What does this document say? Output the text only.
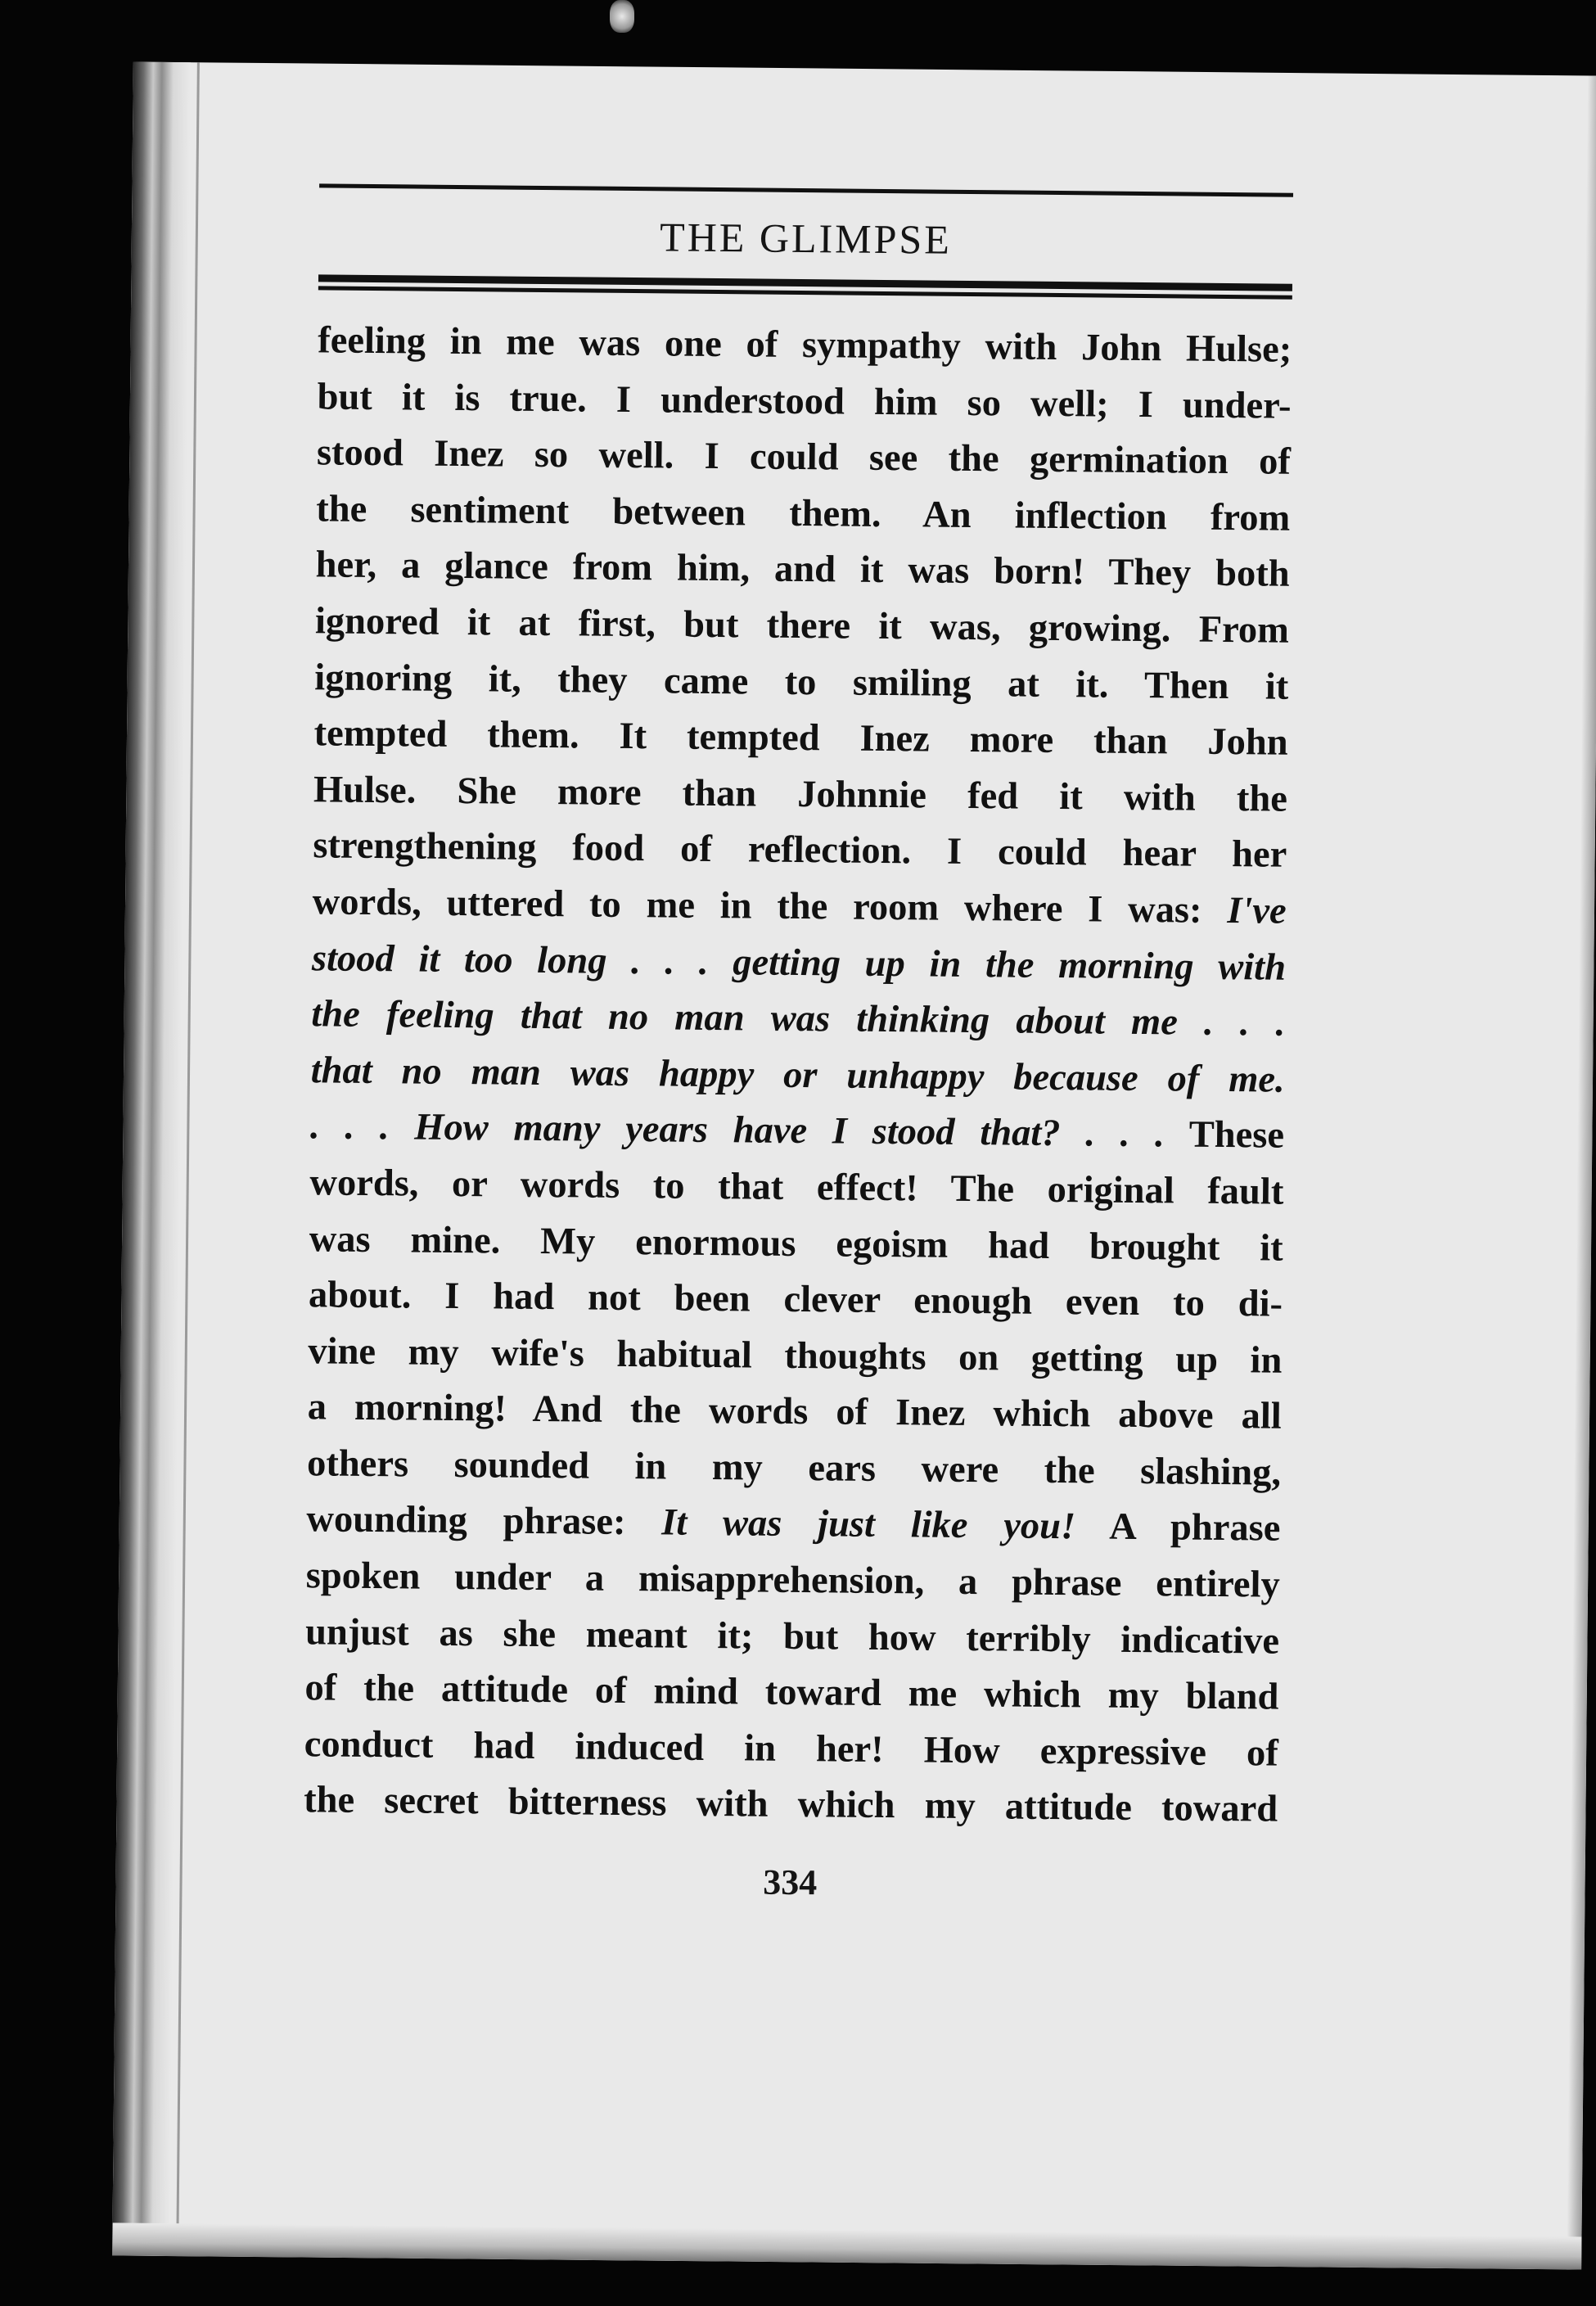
THE GLIMPSE
feeling in me was one of sympathy with John Hulse;
but it is true. I understood him so well; I under-
stood Inez so well. I could see the germination of
the sentiment between them. An inflection from
her, a glance from him, and it was born! They both
ignored it at first, but there it was, growing. From
ignoring it, they came to smiling at it. Then it
tempted them. It tempted Inez more than John
Hulse. She more than Johnnie fed it with the
strengthening food of reflection. I could hear her
words, uttered to me in the room where I was: I've
stood it too long . . . getting up in the morning with
the feeling that no man was thinking about me . . .
that no man was happy or unhappy because of me.
. . . How many years have I stood that? . . . These
words, or words to that effect! The original fault
was mine. My enormous egoism had brought it
about. I had not been clever enough even to di-
vine my wife's habitual thoughts on getting up in
a morning! And the words of Inez which above all
others sounded in my ears were the slashing,
wounding phrase: It was just like you! A phrase
spoken under a misapprehension, a phrase entirely
unjust as she meant it; but how terribly indicative
of the attitude of mind toward me which my bland
conduct had induced in her! How expressive of
the secret bitterness with which my attitude toward
334
